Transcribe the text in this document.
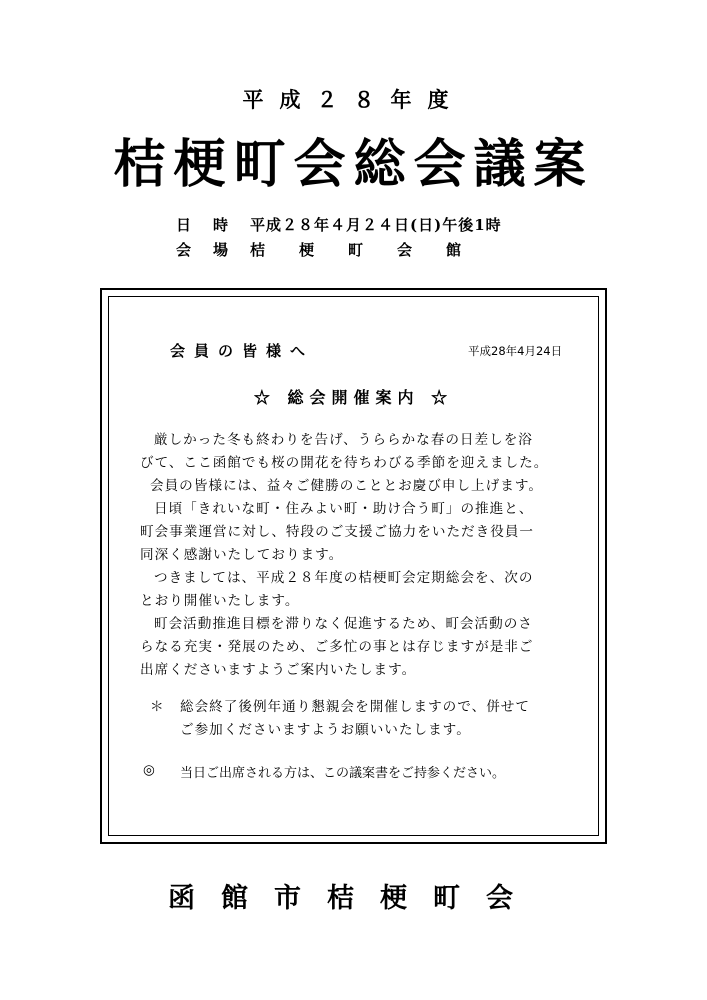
平成２８年度
桔梗町会総会議案
日時 平成２８年４月２４日(日)午後1時
会場 桔梗町会館
会員の皆様へ	平成28年4月24日
☆ 総会開催案内 ☆
厳しかった冬も終わりを告げ、うららかな春の日差しを浴
びて、ここ函館でも桜の開花を待ちわびる季節を迎えました。
会員の皆様には、益々ご健勝のこととお慶び申し上げます。
日頃「きれいな町・住みよい町・助け合う町」の推進と、
町会事業運営に対し、特段のご支援ご協力をいただき役員一
同深く感謝いたしております。
つきましては、平成２８年度の桔梗町会定期総会を、次の
とおり開催いたします。
町会活動推進目標を滞りなく促進するため、町会活動のさ
らなる充実・発展のため、ご多忙の事とは存じますが是非ご
出席くださいますようご案内いたします。
＊ 総会終了後例年通り懇親会を開催しますので、併せて
ご参加くださいますようお願いいたします。
◎ 当日ご出席される方は、この議案書をご持参ください。
函館市桔梗町会
